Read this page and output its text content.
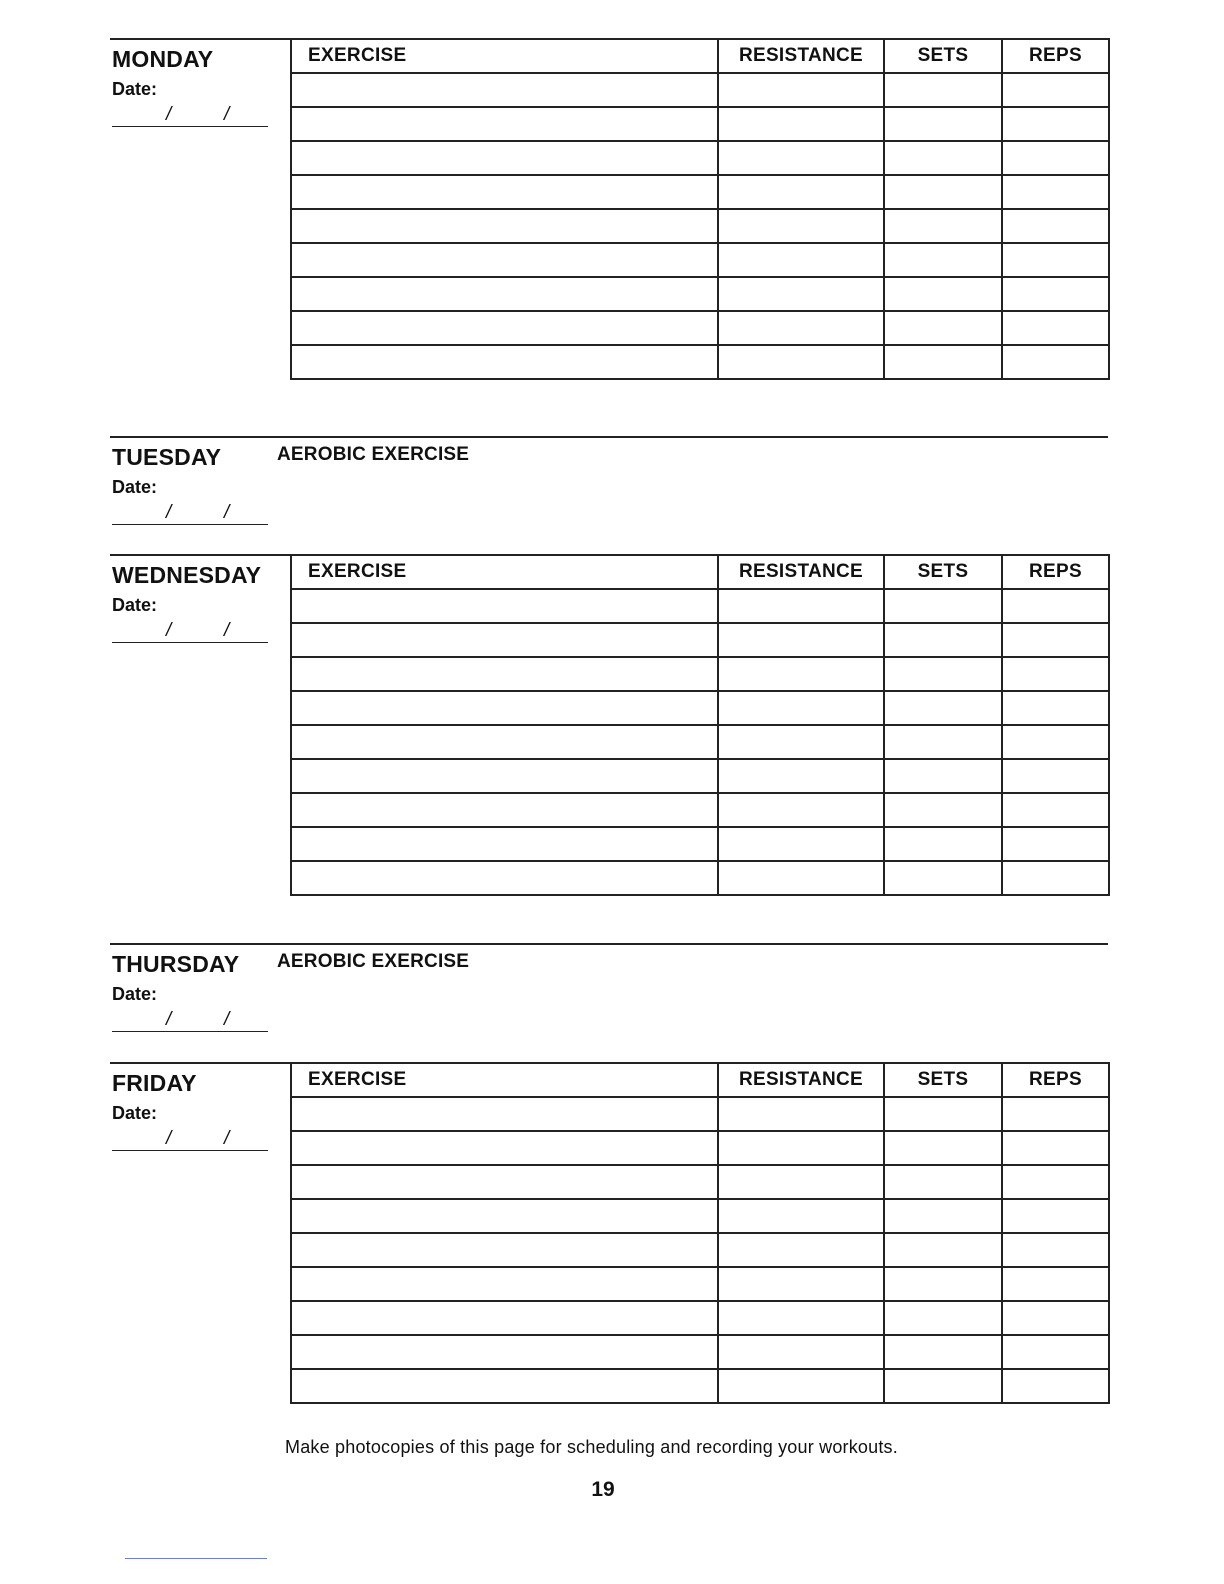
MONDAY
Date:
/	/
EXERCISE	RESISTANCE	SETS	REPS

TUESDAY
Date:
/	/
AEROBIC EXERCISE
WEDNESDAY
Date:
/	/
EXERCISE	RESISTANCE	SETS	REPS

THURSDAY
Date:
/	/
AEROBIC EXERCISE
FRIDAY
Date:
/	/
EXERCISE	RESISTANCE	SETS	REPS

Make photocopies of this page for scheduling and recording your workouts.
19
